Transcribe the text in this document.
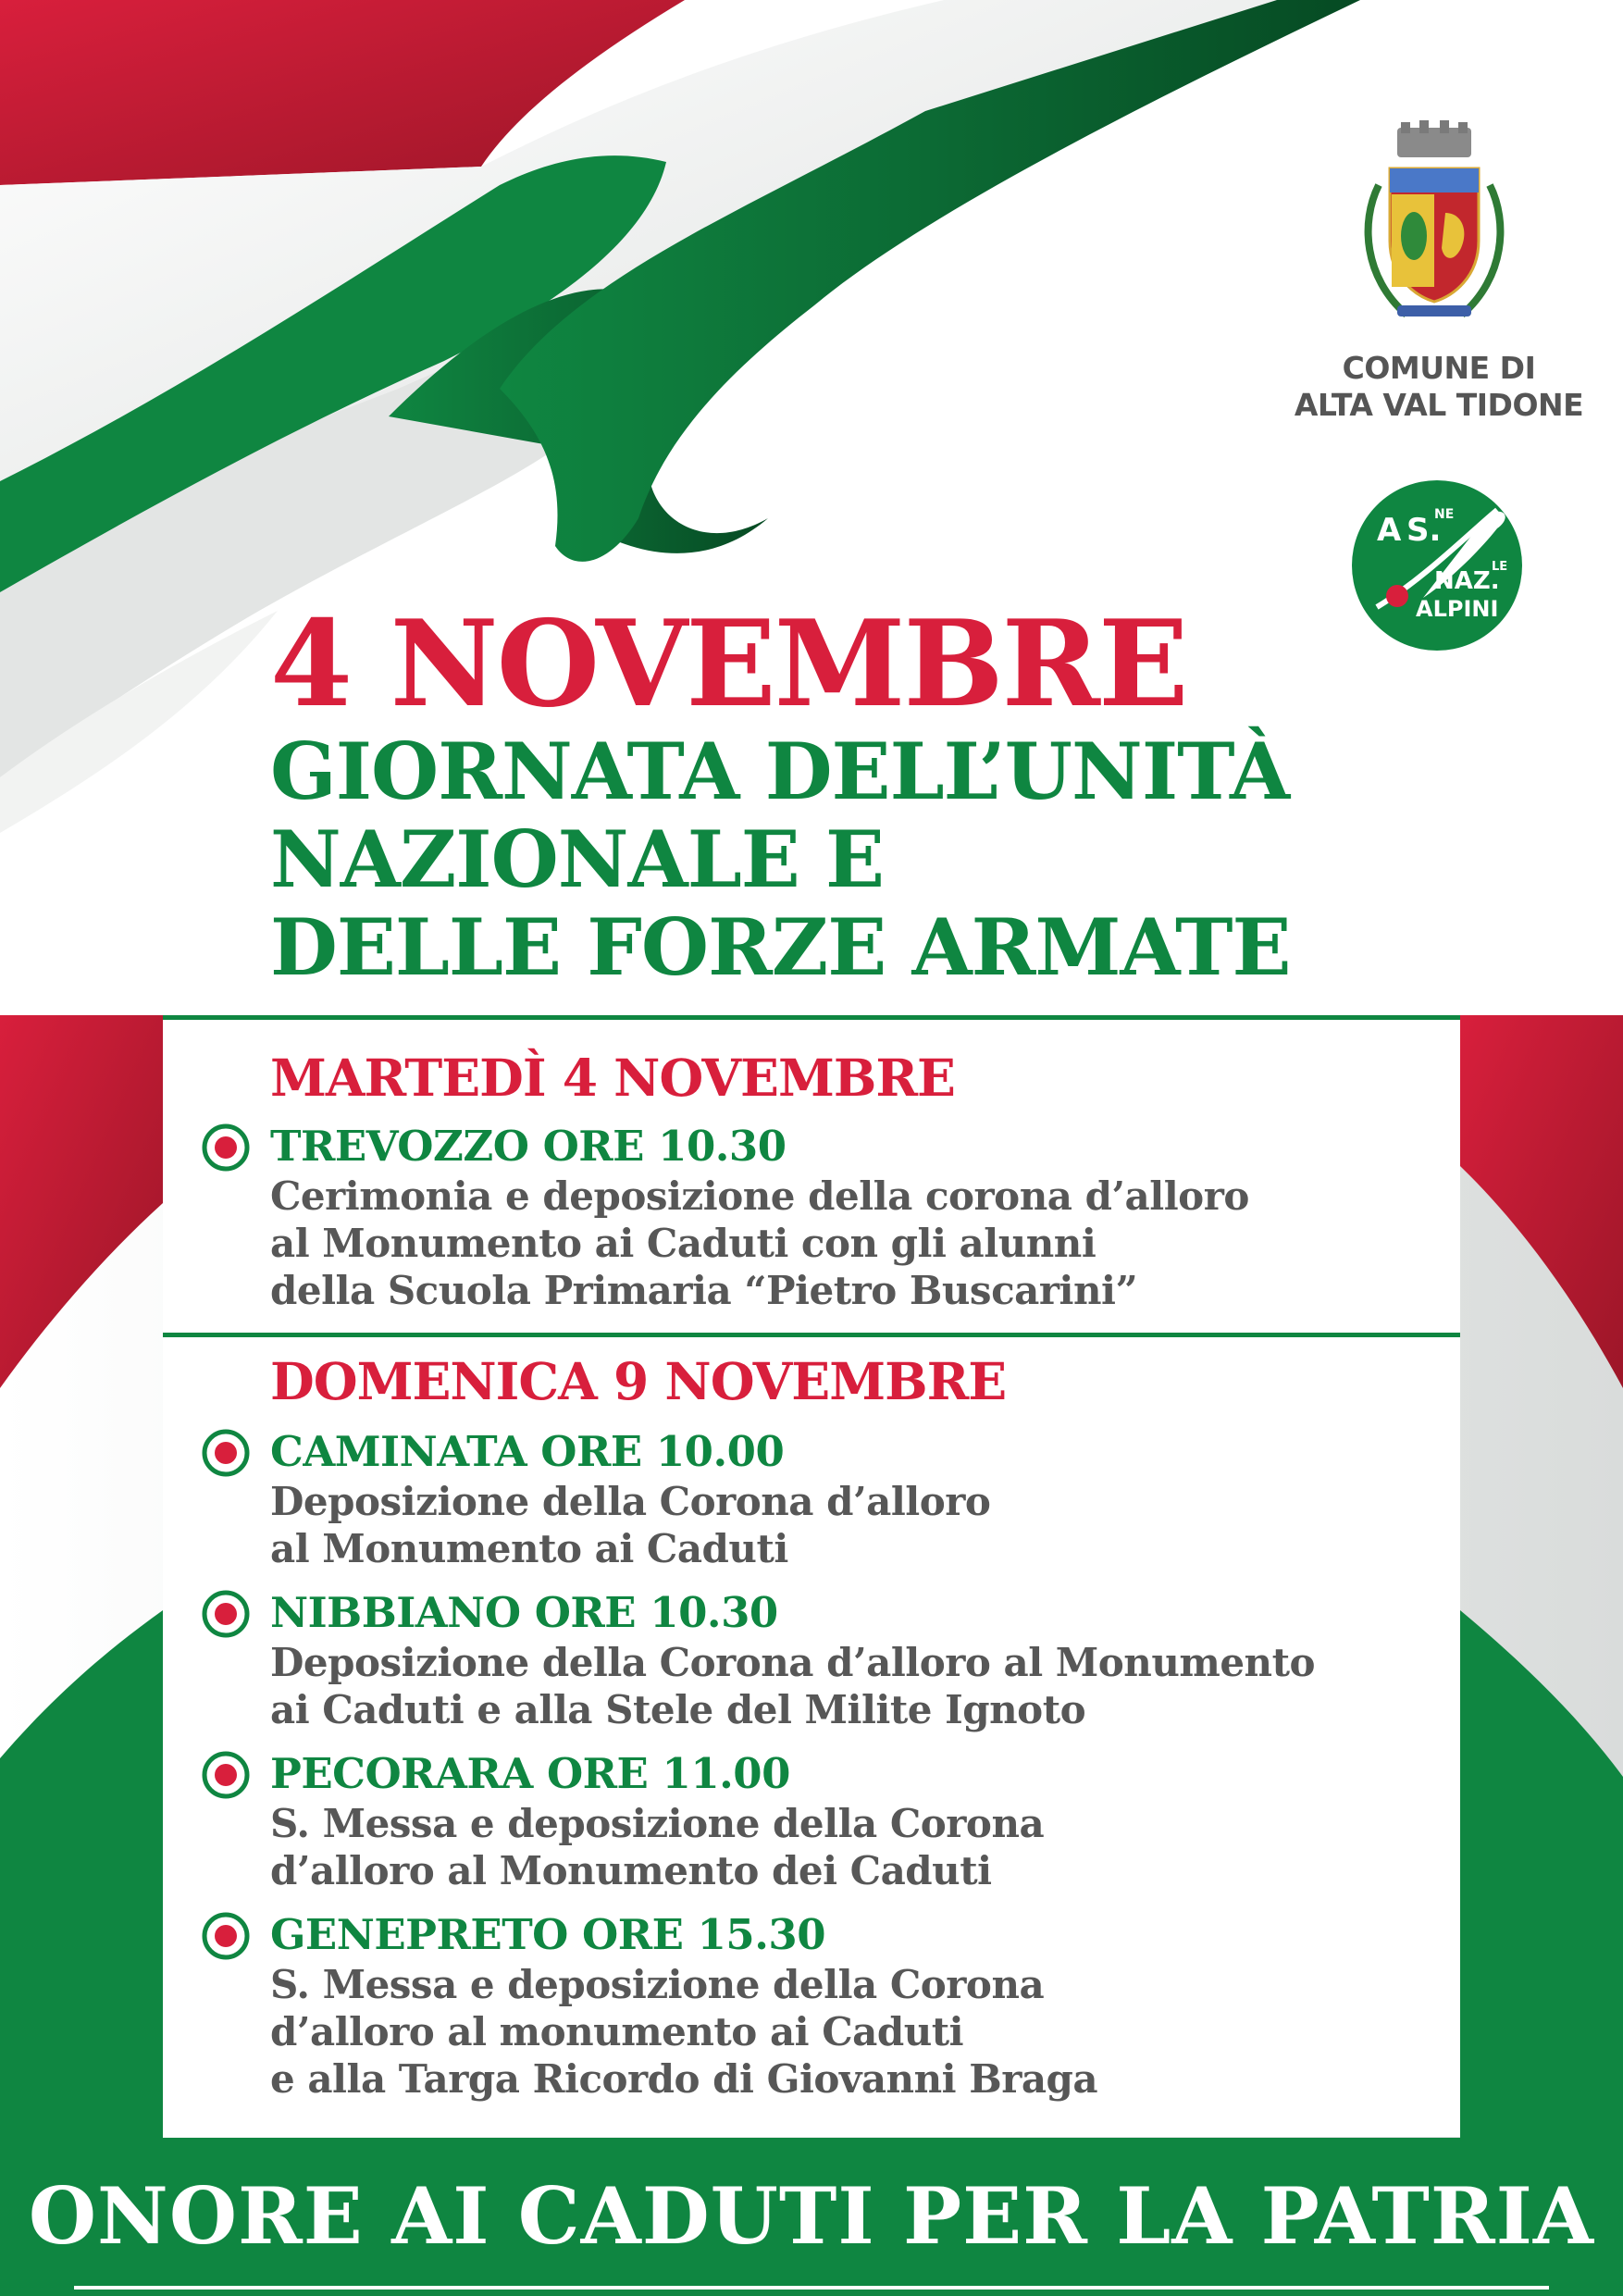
COMUNE DI
ALTA VAL TIDONE
A S.
NE
NAZ.
LE
ALPINI
4 NOVEMBRE
GIORNATA DELL’UNITÀ
NAZIONALE E
DELLE FORZE ARMATE
MARTEDÌ 4 NOVEMBRE
TREVOZZO ORE 10.30
Cerimonia e deposizione della corona d’alloro
al Monumento ai Caduti con gli alunni
della Scuola Primaria “Pietro Buscarini”
DOMENICA 9 NOVEMBRE
CAMINATA ORE 10.00
Deposizione della Corona d’alloro
al Monumento ai Caduti
NIBBIANO ORE 10.30
Deposizione della Corona d’alloro al Monumento
ai Caduti e alla Stele del Milite Ignoto
PECORARA ORE 11.00
S. Messa e deposizione della Corona
d’alloro al Monumento dei Caduti
GENEPRETO ORE 15.30
S. Messa e deposizione della Corona
d’alloro al monumento ai Caduti
e alla Targa Ricordo di Giovanni Braga
ONORE AI CADUTI PER LA PATRIA
